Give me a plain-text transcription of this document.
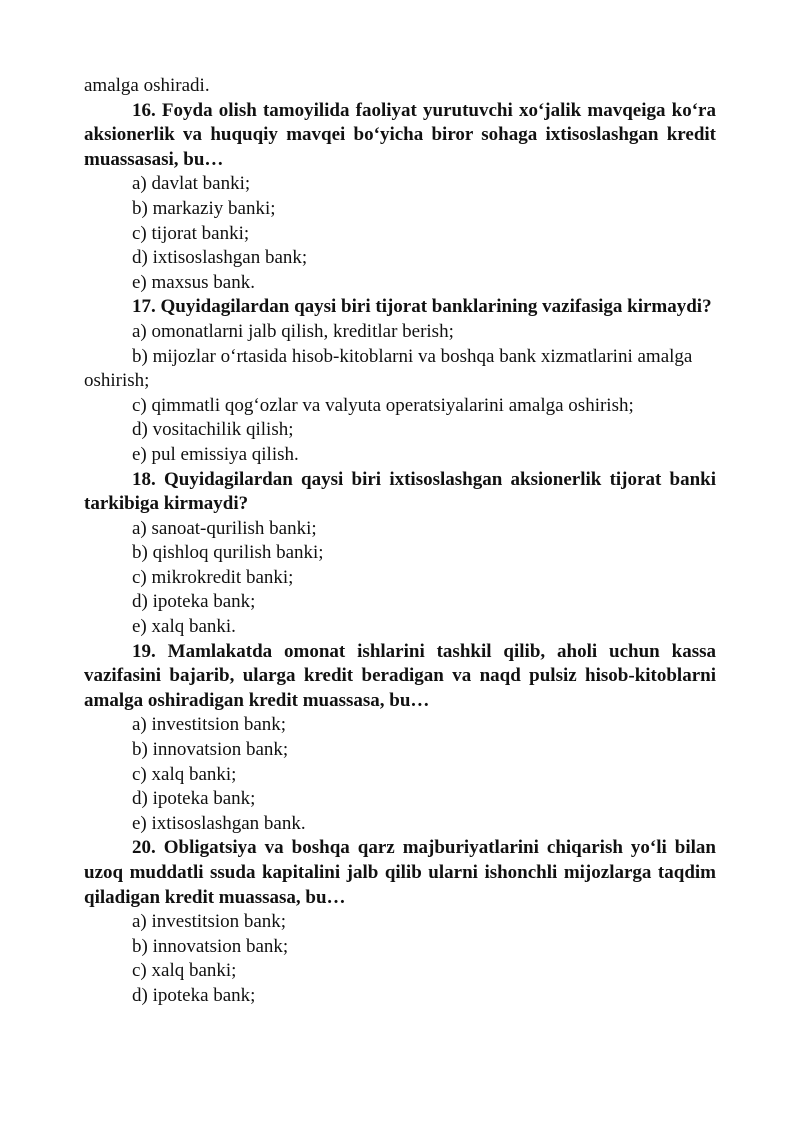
amalga oshiradi.
16. Foyda olish tamoyilida faoliyat yurutuvchi xo‘jalik mavqeiga ko‘ra aksionerlik va huquqiy mavqei bo‘yicha biror sohaga ixtisoslashgan kredit muassasasi, bu…
a) davlat banki;
b) markaziy banki;
c) tijorat banki;
d) ixtisoslashgan bank;
e) maxsus bank.
17. Quyidagilardan qaysi biri tijorat banklarining vazifasiga kirmaydi?
a) omonatlarni jalb qilish, kreditlar berish;
b) mijozlar o‘rtasida hisob-kitoblarni va boshqa bank xizmatlarini amalga oshirish;
c) qimmatli qog‘ozlar va valyuta operatsiyalarini amalga oshirish;
d) vositachilik qilish;
e) pul emissiya qilish.
18. Quyidagilardan qaysi biri ixtisoslashgan aksionerlik tijorat banki tarkibiga kirmaydi?
a) sanoat-qurilish banki;
b) qishloq qurilish banki;
c) mikrokredit banki;
d) ipoteka bank;
e) xalq banki.
19. Mamlakatda omonat ishlarini tashkil qilib, aholi uchun kassa vazifasini bajarib, ularga kredit beradigan va naqd pulsiz hisob-kitoblarni amalga oshiradigan kredit muassasa, bu…
a) investitsion bank;
b) innovatsion bank;
c) xalq banki;
d) ipoteka bank;
e) ixtisoslashgan bank.
20. Obligatsiya va boshqa qarz majburiyatlarini chiqarish yo‘li bilan uzoq muddatli ssuda kapitalini jalb qilib ularni ishonchli mijozlarga taqdim qiladigan kredit muassasa, bu…
a) investitsion bank;
b) innovatsion bank;
c) xalq banki;
d) ipoteka bank;
